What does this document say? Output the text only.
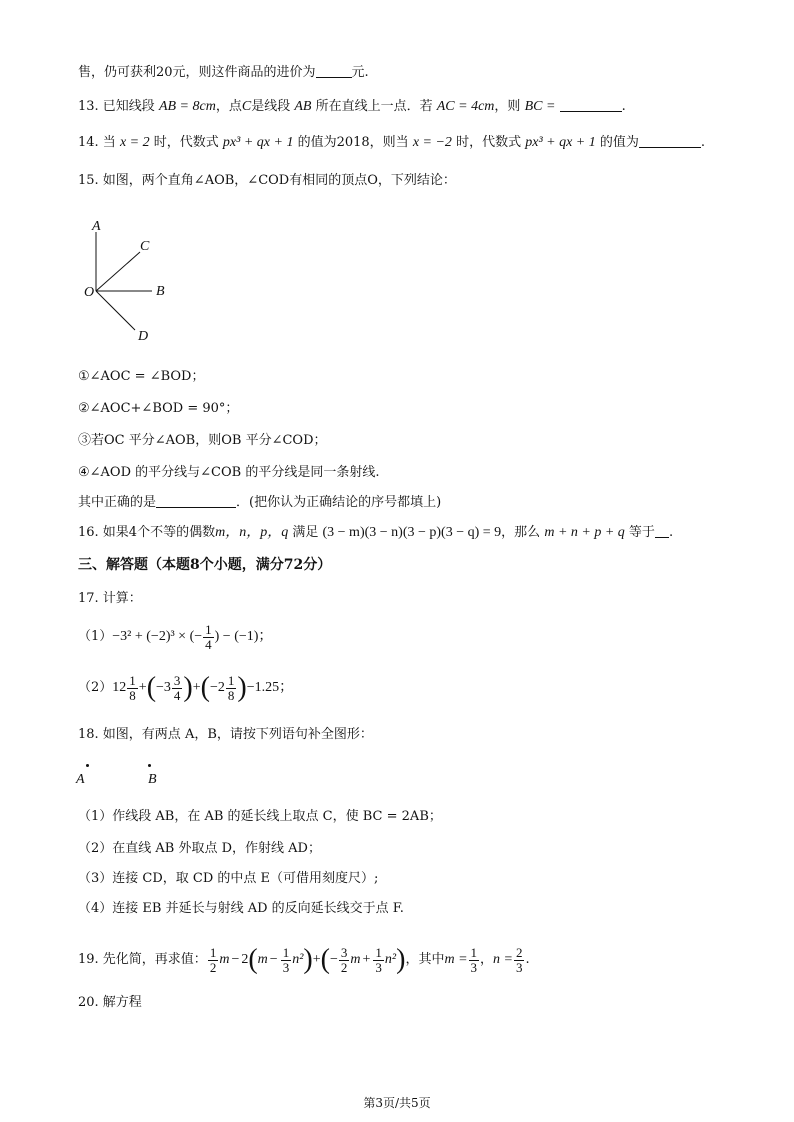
售，仍可获利20元，则这件商品的进价为	元.
13. 已知线段 AB = 8cm，点C是线段 AB 所在直线上一点．若 AC = 4cm，则 BC =	.
14. 当 x = 2 时，代数式 px³ + qx + 1 的值为2018，则当 x = −2 时，代数式 px³ + qx + 1 的值为	.
15. 如图，两个直角∠AOB，∠COD有相同的顶点O，下列结论：
A
C
O	B
D
①∠AOC = ∠BOD；
②∠AOC+∠BOD = 90°；
③若OC 平分∠AOB，则OB 平分∠COD；
④∠AOD 的平分线与∠COB 的平分线是同一条射线.
其中正确的是	．(把你认为正确结论的序号都填上)
16. 如果4个不等的偶数m，n，p，q 满足 (3 − m)(3 − n)(3 − p)(3 − q) = 9，那么 m + n + p + q 等于 .
三、解答题（本题8个小题，满分72分）
17. 计算：
（1） −3² + (−2)³ × (− $\frac{1}{4}$ ) − (−1)；
（2） $12 \frac{1}{8}$ + ( $-3 \frac{3}{4}$ ) + ( $-2 \frac{1}{8}$ ) −1.25；
18. 如图，有两点 A，B，请按下列语句补全图形：
A	B
（1）作线段 AB，在 AB 的延长线上取点 C，使 BC = 2AB；
（2）在直线 AB 外取点 D，作射线 AD；
（3）连接 CD，取 CD 的中点 E（可借用刻度尺）;
（4）连接 EB 并延长与射线 AD 的反向延长线交于点 F.
19. 先化简，再求值： $\frac{1}{2}$ m − 2 ( $m - \frac{1}{3} n^2$ ) + ( − $\frac{3}{2}$ $m + \frac{1}{3} n^2$ ) ，其中 $m = \frac{1}{3}$ ， $n = \frac{2}{3}$ .
20. 解方程
第3页/共5页
